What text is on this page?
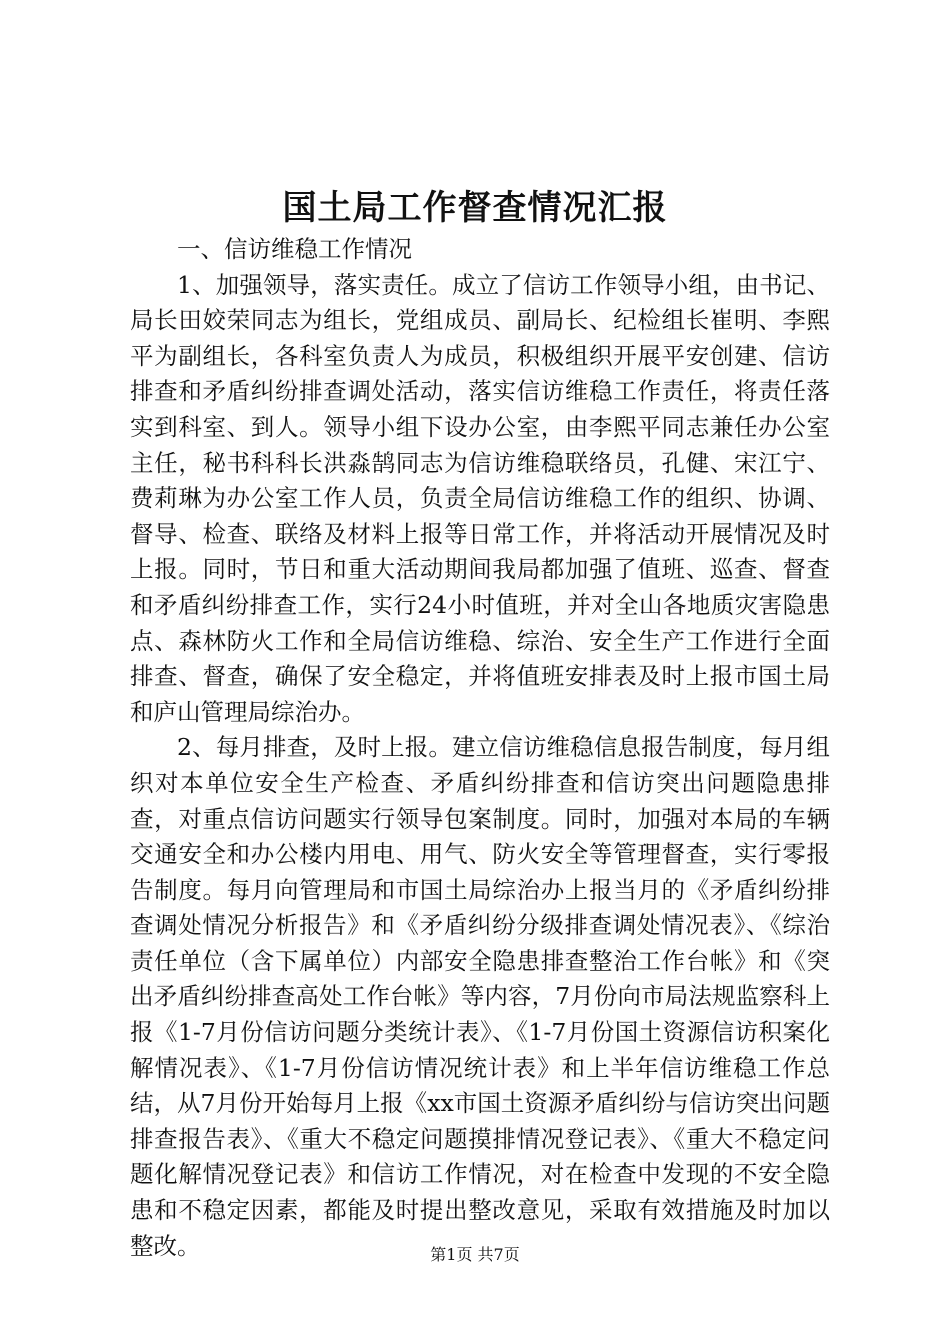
国土局工作督查情况汇报

一、信访维稳工作情况

1、加强领导，落实责任。成立了信访工作领导小组，由书记、局长田姣荣同志为组长，党组成员、副局长、纪检组长崔明、李熙平为副组长，各科室负责人为成员，积极组织开展平安创建、信访排查和矛盾纠纷排查调处活动，落实信访维稳工作责任，将责任落实到科室、到人。领导小组下设办公室，由李熙平同志兼任办公室主任，秘书科科长洪淼鹄同志为信访维稳联络员，孔健、宋江宁、费莉琳为办公室工作人员，负责全局信访维稳工作的组织、协调、督导、检查、联络及材料上报等日常工作，并将活动开展情况及时上报。同时，节日和重大活动期间我局都加强了值班、巡查、督查和矛盾纠纷排查工作，实行24小时值班，并对全山各地质灾害隐患点、森林防火工作和全局信访维稳、综治、安全生产工作进行全面排查、督查，确保了安全稳定，并将值班安排表及时上报市国土局和庐山管理局综治办。

2、每月排查，及时上报。建立信访维稳信息报告制度，每月组织对本单位安全生产检查、矛盾纠纷排查和信访突出问题隐患排查，对重点信访问题实行领导包案制度。同时，加强对本局的车辆交通安全和办公楼内用电、用气、防火安全等管理督查，实行零报告制度。每月向管理局和市国土局综治办上报当月的《矛盾纠纷排查调处情况分析报告》和《矛盾纠纷分级排查调处情况表》、《综治责任单位（含下属单位）内部安全隐患排查整治工作台帐》和《突出矛盾纠纷排查高处工作台帐》等内容，7月份向市局法规监察科上报《1-7月份信访问题分类统计表》、《1-7月份国土资源信访积案化解情况表》、《1-7月份信访情况统计表》和上半年信访维稳工作总结，从7月份开始每月上报《xx市国土资源矛盾纠纷与信访突出问题排查报告表》、《重大不稳定问题摸排情况登记表》、《重大不稳定问题化解情况登记表》和信访工作情况，对在检查中发现的不安全隐患和不稳定因素，都能及时提出整改意见，采取有效措施及时加以整改。	第1页 共7页
